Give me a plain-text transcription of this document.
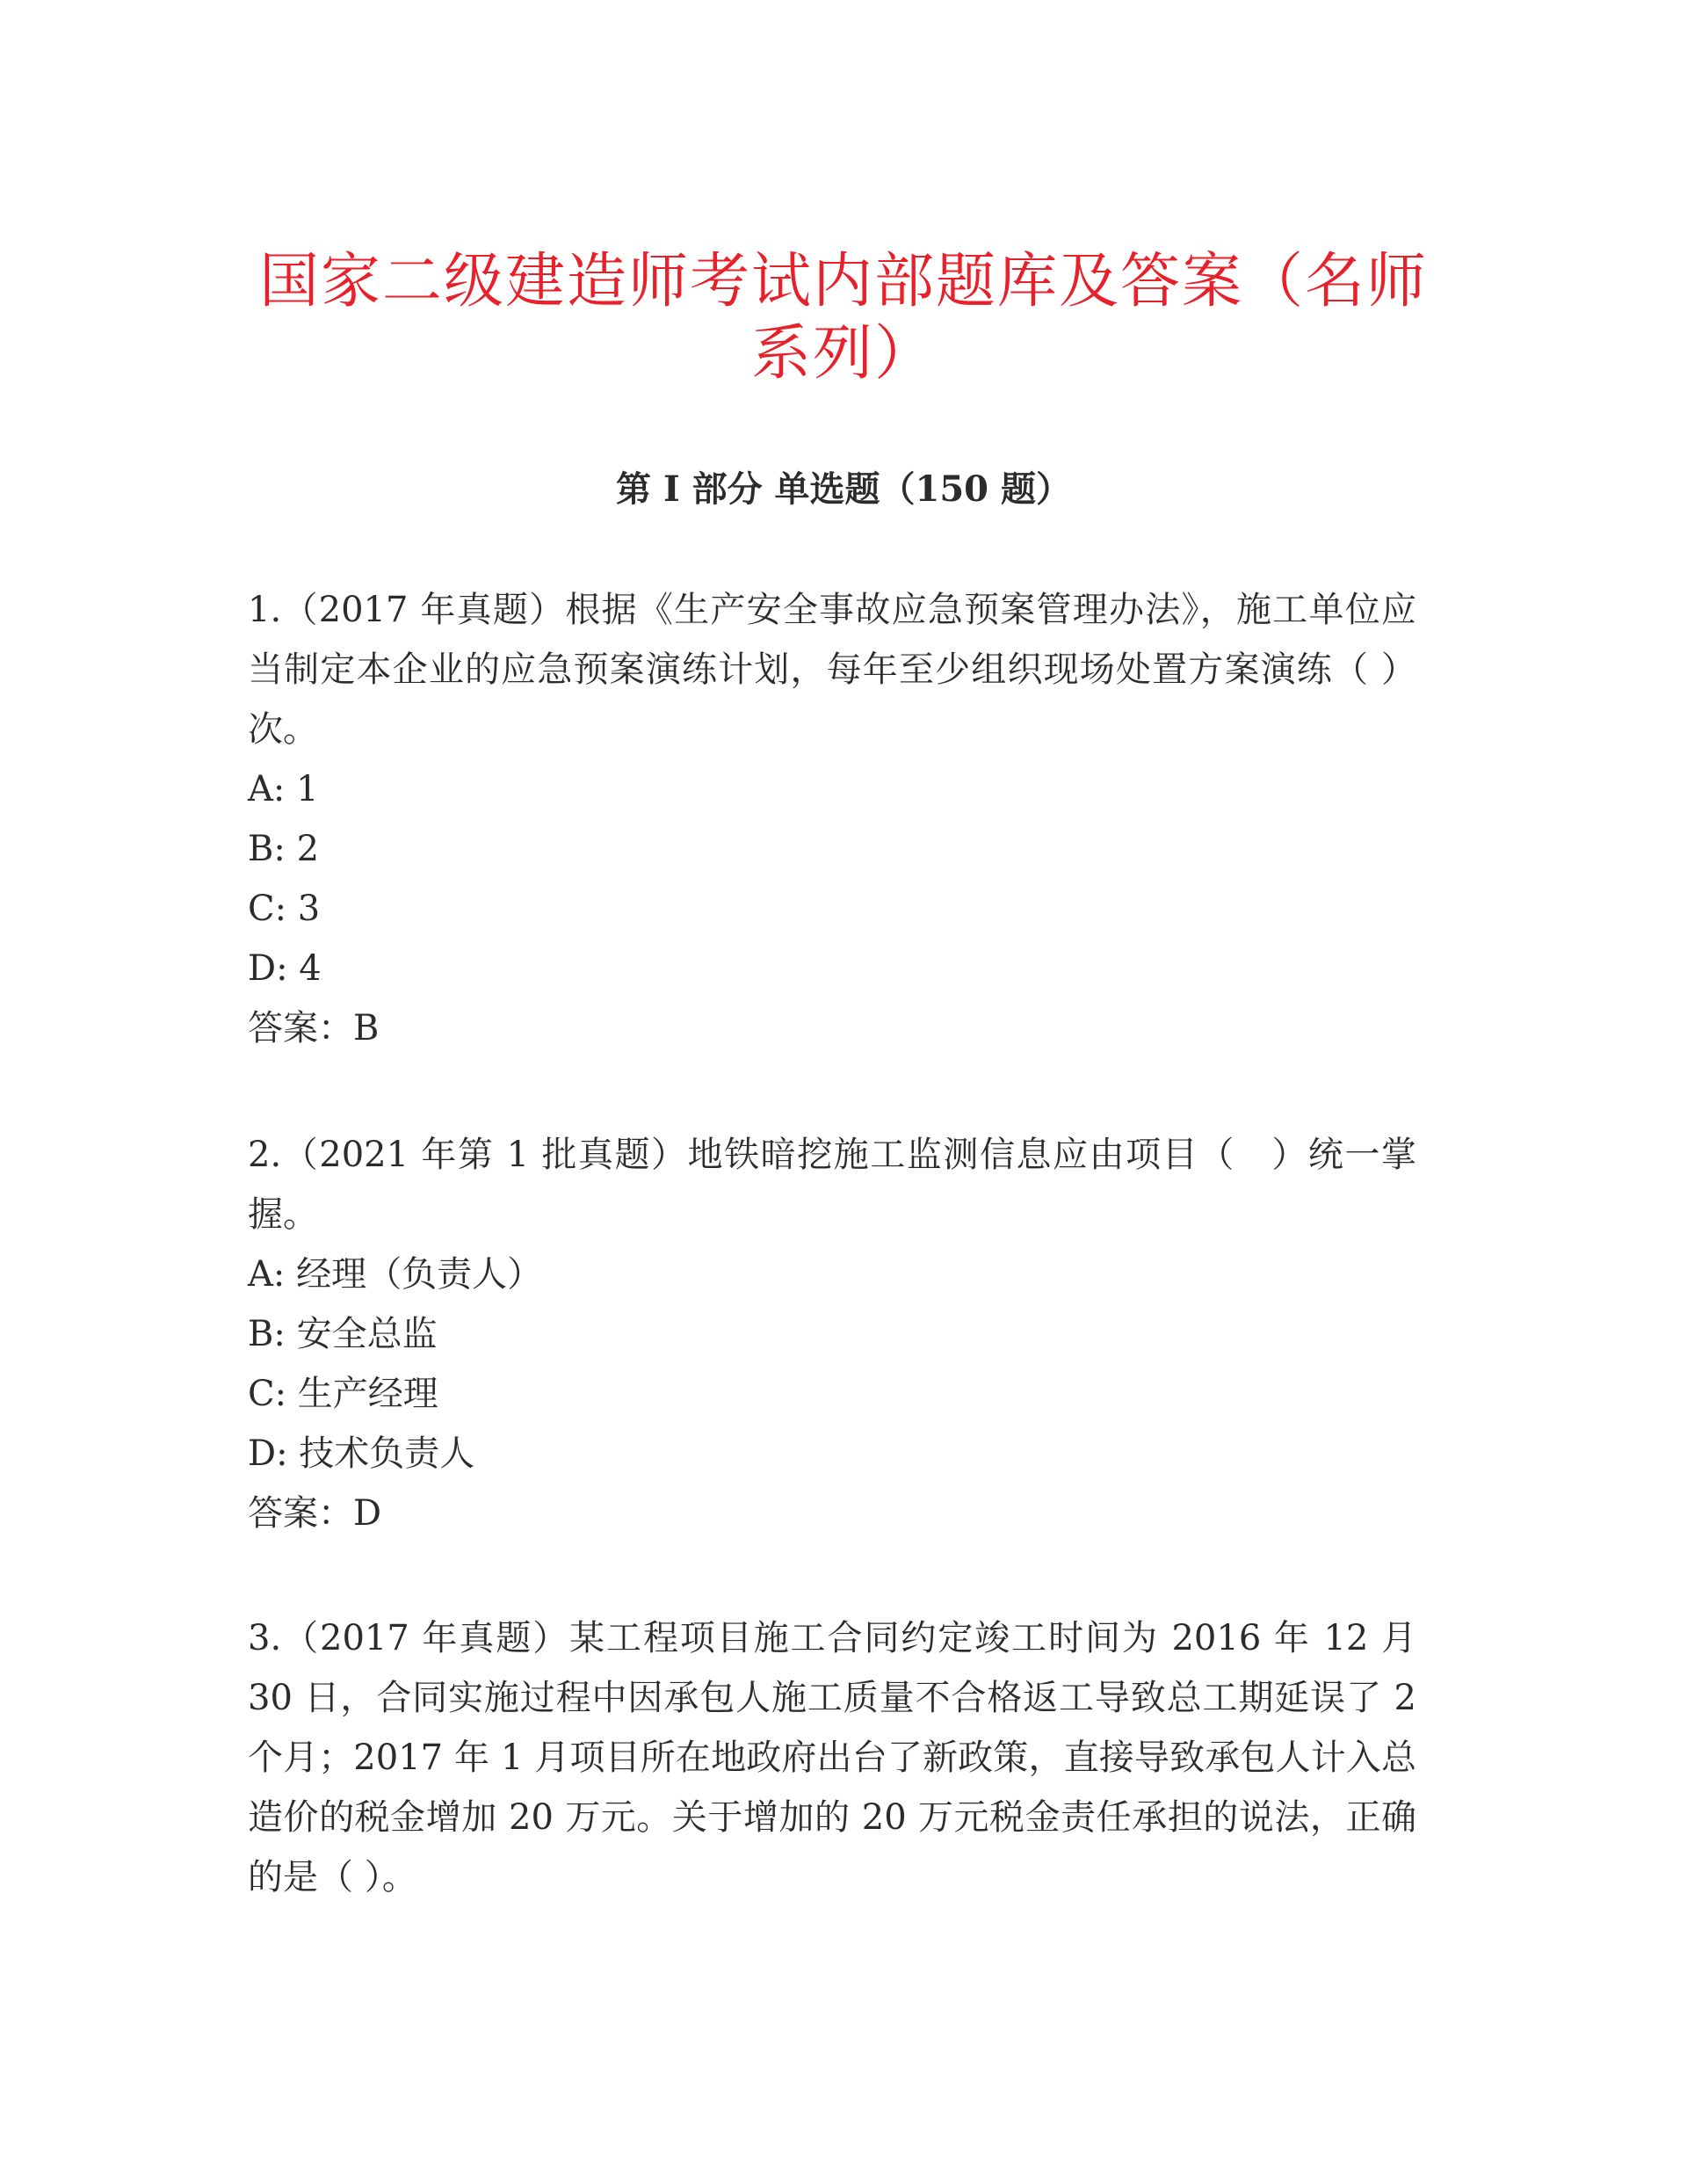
国家二级建造师考试内部题库及答案（名师系列）
第 I 部分 单选题（150 题）

1.（2017 年真题）根据《生产安全事故应急预案管理办法》，施工单位应当制定本企业的应急预案演练计划，每年至少组织现场处置方案演练（ ）次。

A: 1

B: 2

C: 3

D: 4

答案：B

2.（2021 年第 1 批真题）地铁暗挖施工监测信息应由项目（　）统一掌握。

A: 经理（负责人）

B: 安全总监

C: 生产经理

D: 技术负责人

答案：D

3.（2017 年真题）某工程项目施工合同约定竣工时间为 2016 年 12 月 30 日，合同实施过程中因承包人施工质量不合格返工导致总工期延误了 2 个月；2017 年 1 月项目所在地政府出台了新政策，直接导致承包人计入总造价的税金增加 20 万元。关于增加的 20 万元税金责任承担的说法，正确的是（ ）。
